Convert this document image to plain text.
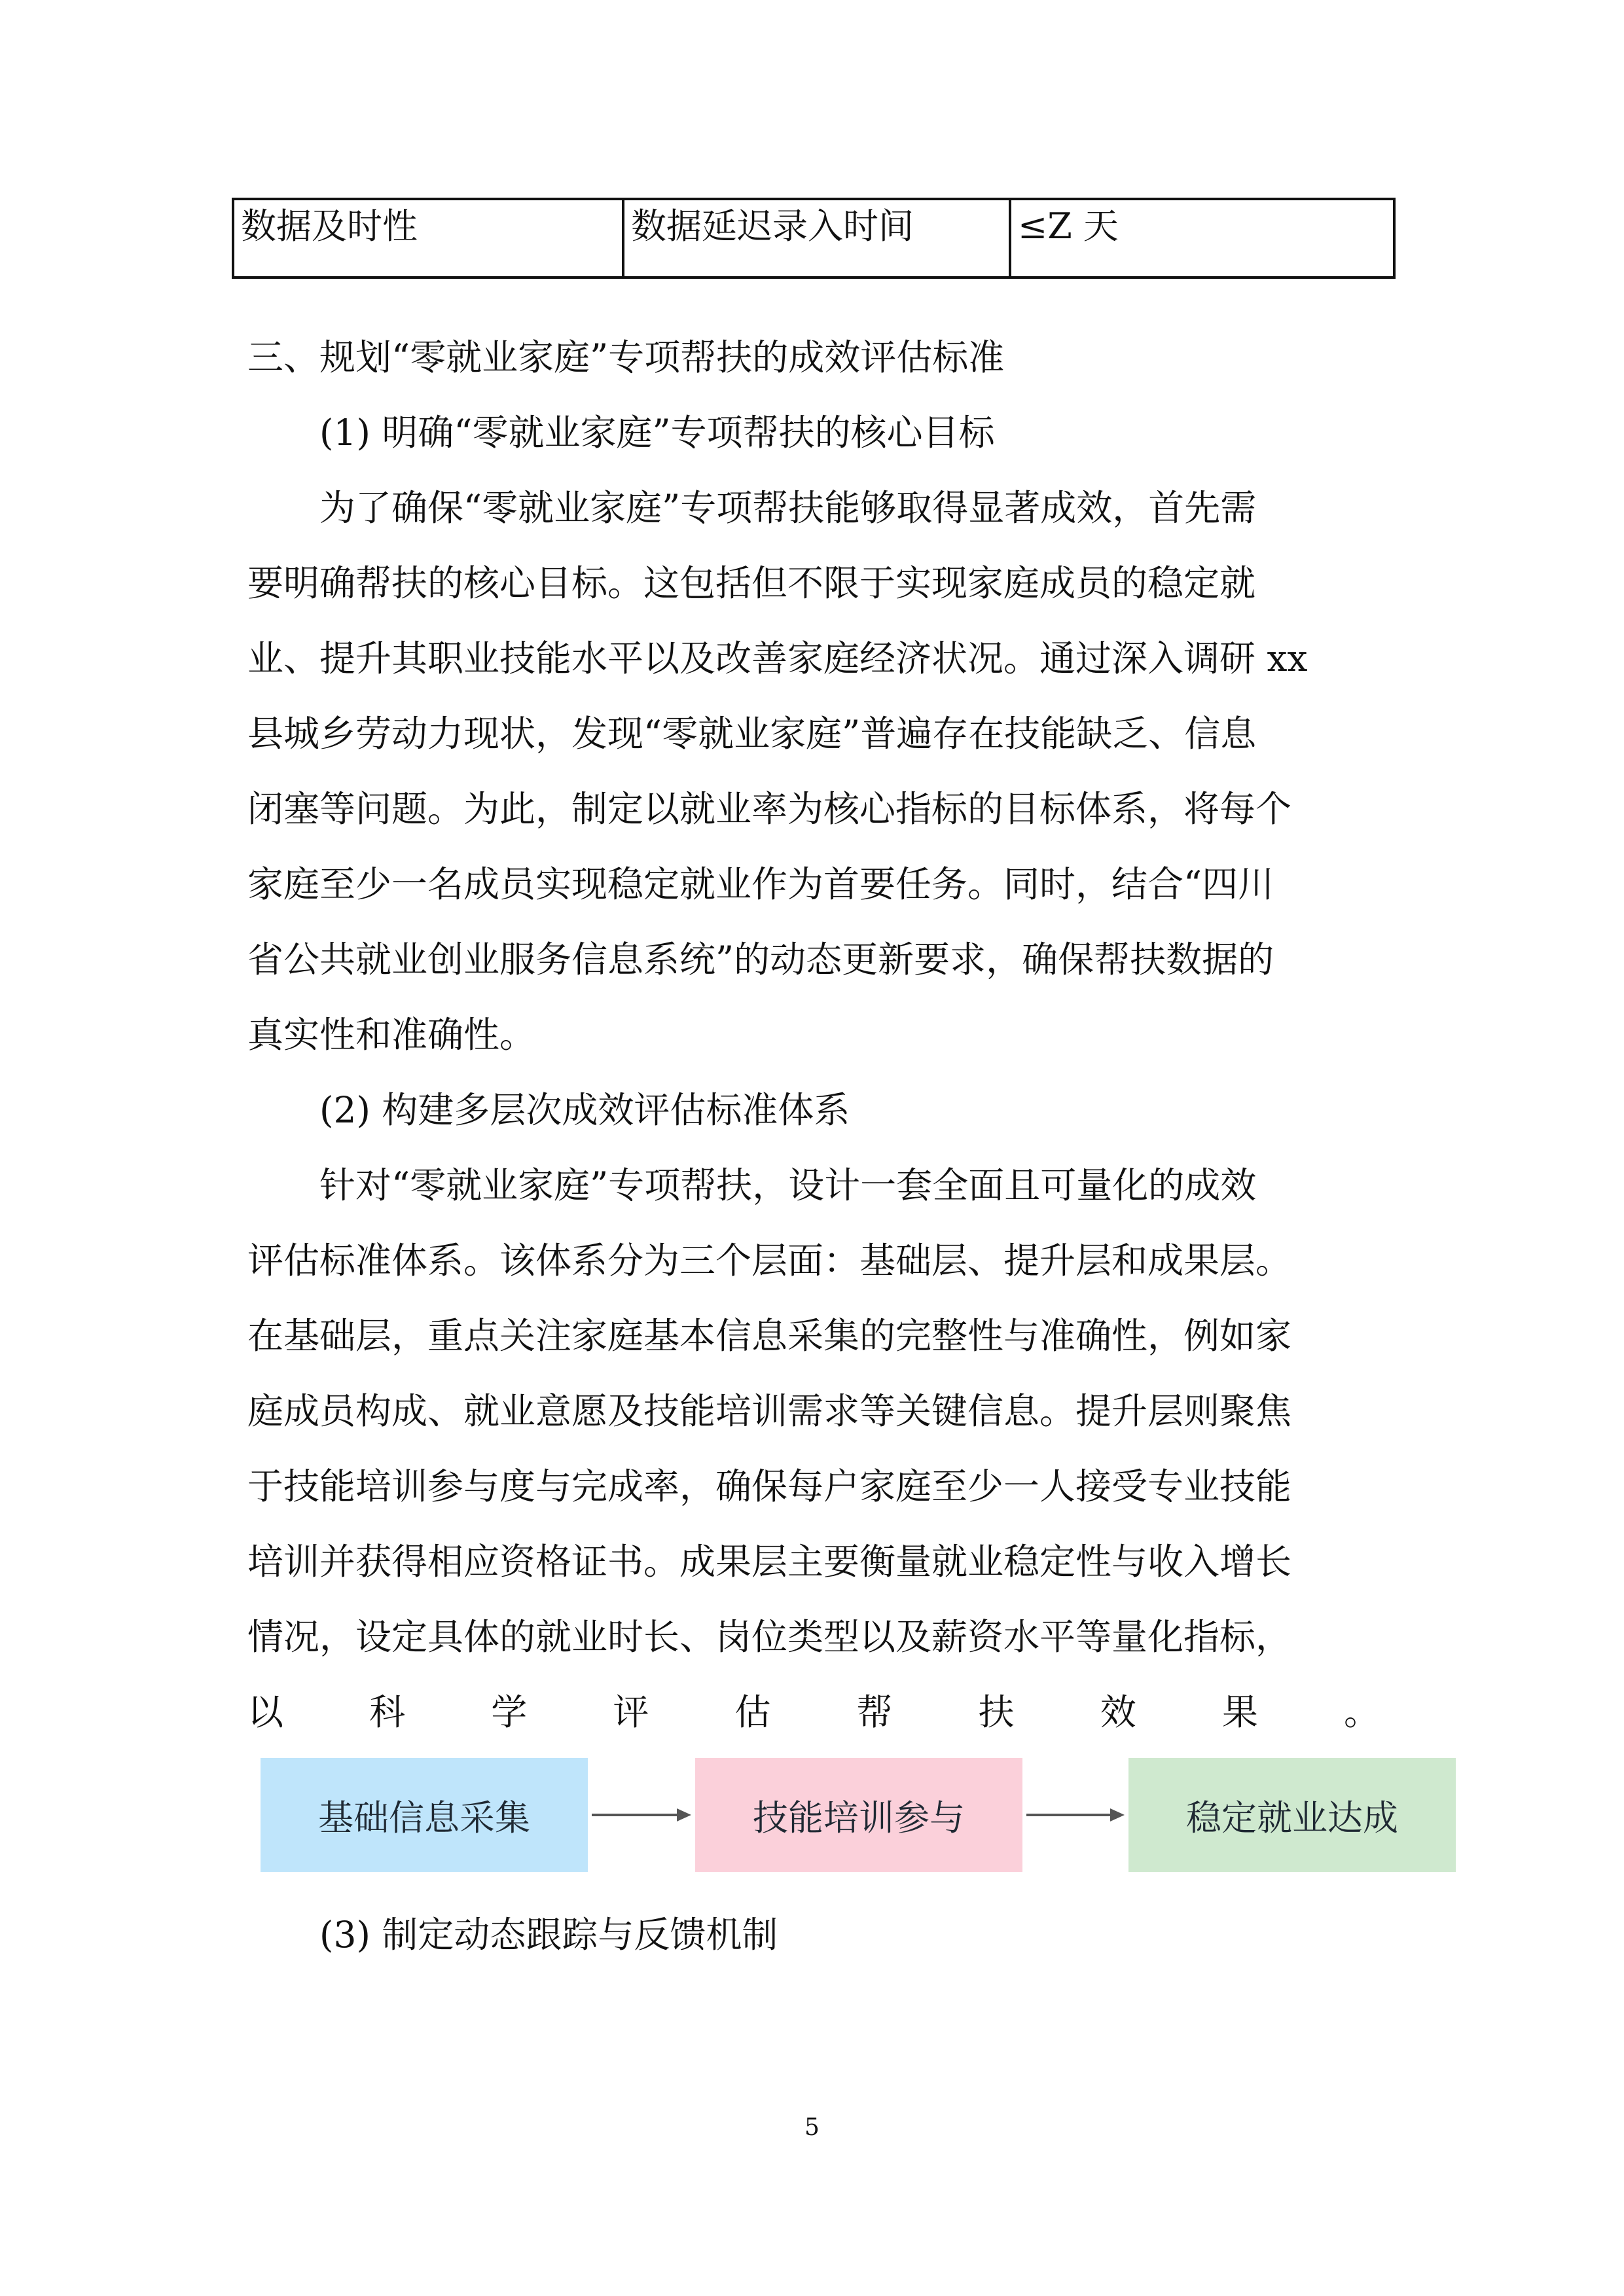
数据及时性	数据延迟录入时间	≤Z 天
三、规划“零就业家庭”专项帮扶的成效评估标准
(1) 明确“零就业家庭”专项帮扶的核心目标
为了确保“零就业家庭”专项帮扶能够取得显著成效，首先需
要明确帮扶的核心目标。这包括但不限于实现家庭成员的稳定就
业、提升其职业技能水平以及改善家庭经济状况。通过深入调研 xx
县城乡劳动力现状，发现“零就业家庭”普遍存在技能缺乏、信息
闭塞等问题。为此，制定以就业率为核心指标的目标体系，将每个
家庭至少一名成员实现稳定就业作为首要任务。同时，结合“四川
省公共就业创业服务信息系统”的动态更新要求，确保帮扶数据的
真实性和准确性。
(2) 构建多层次成效评估标准体系
针对“零就业家庭”专项帮扶，设计一套全面且可量化的成效
评估标准体系。该体系分为三个层面：基础层、提升层和成果层。
在基础层，重点关注家庭基本信息采集的完整性与准确性，例如家
庭成员构成、就业意愿及技能培训需求等关键信息。提升层则聚焦
于技能培训参与度与完成率，确保每户家庭至少一人接受专业技能
培训并获得相应资格证书。成果层主要衡量就业稳定性与收入增长
情况，设定具体的就业时长、岗位类型以及薪资水平等量化指标，
以 科 学 评 估 帮 扶 效 果 。
(3) 制定动态跟踪与反馈机制
基础信息采集	技能培训参与	稳定就业达成
5
